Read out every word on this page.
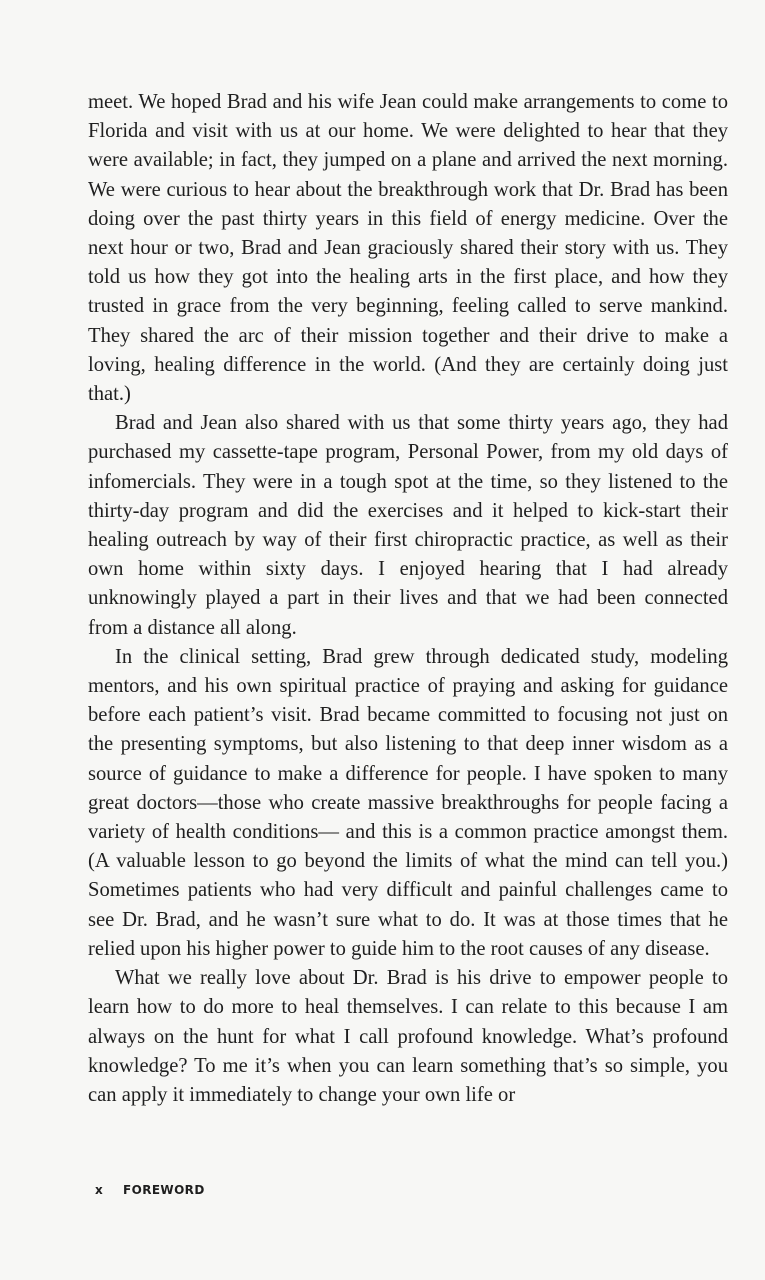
meet. We hoped Brad and his wife Jean could make arrangements to come to Florida and visit with us at our home. We were delighted to hear that they were available; in fact, they jumped on a plane and arrived the next morning. We were curious to hear about the breakthrough work that Dr. Brad has been doing over the past thirty years in this field of energy medicine. Over the next hour or two, Brad and Jean graciously shared their story with us. They told us how they got into the healing arts in the first place, and how they trusted in grace from the very beginning, feeling called to serve mankind. They shared the arc of their mission together and their drive to make a loving, healing difference in the world. (And they are certainly doing just that.)

Brad and Jean also shared with us that some thirty years ago, they had purchased my cassette-tape program, Personal Power, from my old days of infomercials. They were in a tough spot at the time, so they listened to the thirty-day program and did the exercises and it helped to kick-start their healing outreach by way of their first chiropractic practice, as well as their own home within sixty days. I enjoyed hearing that I had already unknowingly played a part in their lives and that we had been connected from a distance all along.

In the clinical setting, Brad grew through dedicated study, modeling mentors, and his own spiritual practice of praying and asking for guidance before each patient’s visit. Brad became committed to focusing not just on the presenting symptoms, but also listening to that deep inner wisdom as a source of guidance to make a difference for people. I have spoken to many great doctors—those who create massive breakthroughs for people facing a variety of health conditions— and this is a common practice amongst them. (A valuable lesson to go beyond the limits of what the mind can tell you.) Sometimes patients who had very difficult and painful challenges came to see Dr. Brad, and he wasn’t sure what to do. It was at those times that he relied upon his higher power to guide him to the root causes of any disease.

What we really love about Dr. Brad is his drive to empower people to learn how to do more to heal themselves. I can relate to this because I am always on the hunt for what I call profound knowledge. What’s profound knowledge? To me it’s when you can learn something that’s so simple, you can apply it immediately to change your own life or

x FOREWORD
